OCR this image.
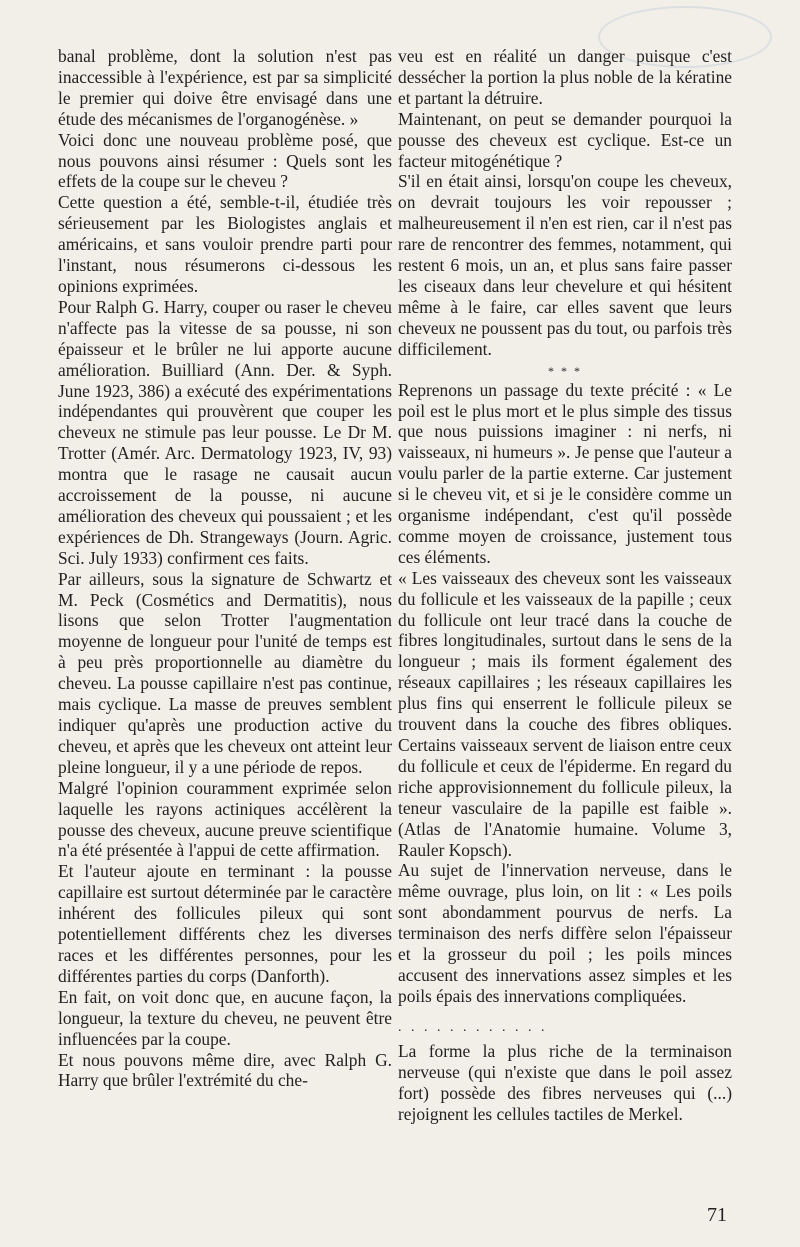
banal problème, dont la solution n'est pas inaccessible à l'expérience, est par sa simplicité le premier qui doive être envisagé dans une étude des mécanismes de l'organogénèse. »

Voici donc une nouveau problème posé, que nous pouvons ainsi résumer : Quels sont les effets de la coupe sur le cheveu ?

Cette question a été, semble-t-il, étudiée très sérieusement par les Biologistes anglais et américains, et sans vouloir prendre parti pour l'instant, nous résumerons ci-dessous les opinions exprimées.

Pour Ralph G. Harry, couper ou raser le cheveu n'affecte pas la vitesse de sa pousse, ni son épaisseur et le brûler ne lui apporte aucune amélioration. Builliard (Ann. Der. & Syph. June 1923, 386) a exécuté des expérimentations indépendantes qui prouvèrent que couper les cheveux ne stimule pas leur pousse. Le Dr M. Trotter (Amér. Arc. Dermatology 1923, IV, 93) montra que le rasage ne causait aucun accroissement de la pousse, ni aucune amélioration des cheveux qui poussaient ; et les expériences de Dh. Strangeways (Journ. Agric. Sci. July 1933) confirment ces faits.

Par ailleurs, sous la signature de Schwartz et M. Peck (Cosmétics and Dermatitis), nous lisons que selon Trotter l'augmentation moyenne de longueur pour l'unité de temps est à peu près proportionnelle au diamètre du cheveu. La pousse capillaire n'est pas continue, mais cyclique. La masse de preuves semblent indiquer qu'après une production active du cheveu, et après que les cheveux ont atteint leur pleine longueur, il y a une période de repos.

Malgré l'opinion couramment exprimée selon laquelle les rayons actiniques accélèrent la pousse des cheveux, aucune preuve scientifique n'a été présentée à l'appui de cette affirmation.

Et l'auteur ajoute en terminant : la pousse capillaire est surtout déterminée par le caractère inhérent des follicules pileux qui sont potentiellement différents chez les diverses races et les différentes personnes, pour les différentes parties du corps (Danforth).

En fait, on voit donc que, en aucune façon, la longueur, la texture du cheveu, ne peuvent être influencées par la coupe.

Et nous pouvons même dire, avec Ralph G. Harry que brûler l'extrémité du che-

veu est en réalité un danger puisque c'est dessécher la portion la plus noble de la kératine et partant la détruire.

Maintenant, on peut se demander pourquoi la pousse des cheveux est cyclique. Est-ce un facteur mitogénétique ?

S'il en était ainsi, lorsqu'on coupe les cheveux, on devrait toujours les voir repousser ; malheureusement il n'en est rien, car il n'est pas rare de rencontrer des femmes, notamment, qui restent 6 mois, un an, et plus sans faire passer les ciseaux dans leur chevelure et qui hésitent même à le faire, car elles savent que leurs cheveux ne poussent pas du tout, ou parfois très difficilement.

* * *

Reprenons un passage du texte précité : « Le poil est le plus mort et le plus simple des tissus que nous puissions imaginer : ni nerfs, ni vaisseaux, ni humeurs ». Je pense que l'auteur a voulu parler de la partie externe. Car justement si le cheveu vit, et si je le considère comme un organisme indépendant, c'est qu'il possède comme moyen de croissance, justement tous ces éléments.

« Les vaisseaux des cheveux sont les vaisseaux du follicule et les vaisseaux de la papille ; ceux du follicule ont leur tracé dans la couche de fibres longitudinales, surtout dans le sens de la longueur ; mais ils forment également des réseaux capillaires ; les réseaux capillaires les plus fins qui enserrent le follicule pileux se trouvent dans la couche des fibres obliques. Certains vaisseaux servent de liaison entre ceux du follicule et ceux de l'épiderme. En regard du riche approvisionnement du follicule pileux, la teneur vasculaire de la papille est faible ». (Atlas de l'Anatomie humaine. Volume 3, Rauler Kopsch).

Au sujet de l'innervation nerveuse, dans le même ouvrage, plus loin, on lit : « Les poils sont abondamment pourvus de nerfs. La terminaison des nerfs diffère selon l'épaisseur et la grosseur du poil ; les poils minces accusent des innervations assez simples et les poils épais des innervations compliquées.

. . . . . . . . . . . .

La forme la plus riche de la terminaison nerveuse (qui n'existe que dans le poil assez fort) possède des fibres nerveuses qui (...) rejoignent les cellules tactiles de Merkel.

71
